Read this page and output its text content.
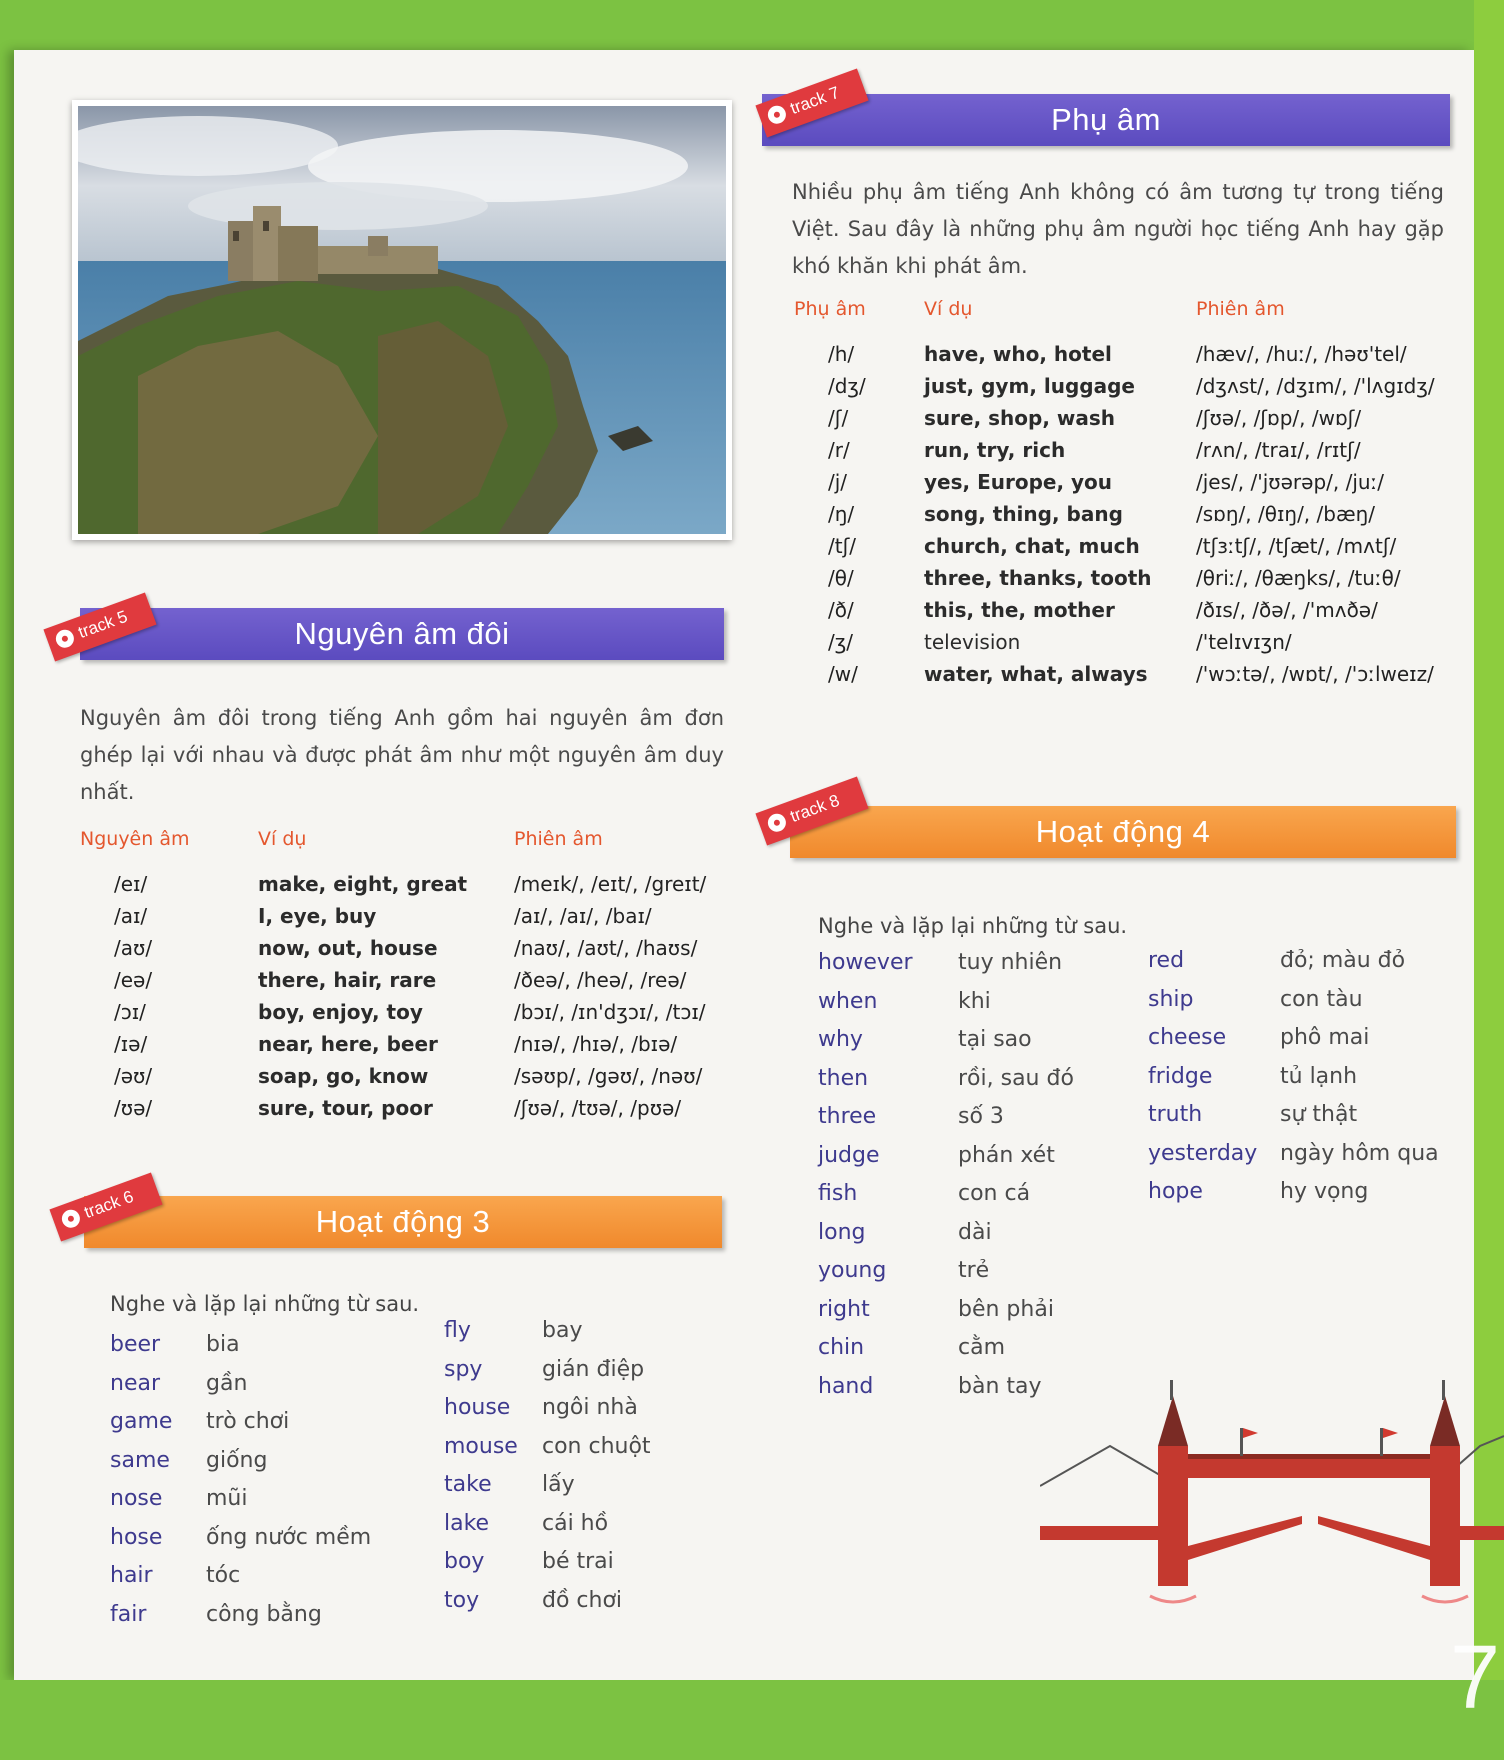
7
Phụ âm
track 7
Nhiều phụ âm tiếng Anh không có âm tương tự trong tiếng Việt. Sau đây là những phụ âm người học tiếng Anh hay gặp khó khăn khi phát âm.
Phụ âm	Ví dụ	Phiên âm
/h/	have, who, hotel	/hæv/, /huː/, /həʊ'tel/
/dʒ/	just, gym, luggage	/dʒʌst/, /dʒɪm/, /'lʌgɪdʒ/
/ʃ/	sure, shop, wash	/ʃʊə/, /ʃɒp/, /wɒʃ/
/r/	run, try, rich	/rʌn/, /traɪ/, /rɪtʃ/
/j/	yes, Europe, you	/jes/, /'jʊərəp/, /juː/
/ŋ/	song, thing, bang	/sɒŋ/, /θɪŋ/, /bæŋ/
/tʃ/	church, chat, much	/tʃɜːtʃ/, /tʃæt/, /mʌtʃ/
/θ/	three, thanks, tooth	/θriː/, /θæŋks/, /tuːθ/
/ð/	this, the, mother	/ðɪs/, /ðə/, /'mʌðə/
/ʒ/	television	/'telɪvɪʒn/
/w/	water, what, always	/'wɔːtə/, /wɒt/, /'ɔːlweɪz/
Nguyên âm đôi
track 5
Nguyên âm đôi trong tiếng Anh gồm hai nguyên âm đơn ghép lại với nhau và được phát âm như một nguyên âm duy nhất.
Nguyên âm	Ví dụ	Phiên âm
/eɪ/	make, eight, great	/meɪk/, /eɪt/, /greɪt/
/aɪ/	I, eye, buy	/aɪ/, /aɪ/, /baɪ/
/aʊ/	now, out, house	/naʊ/, /aʊt/, /haʊs/
/eə/	there, hair, rare	/ðeə/, /heə/, /reə/
/ɔɪ/	boy, enjoy, toy	/bɔɪ/, /ɪn'dʒɔɪ/, /tɔɪ/
/ɪə/	near, here, beer	/nɪə/, /hɪə/, /bɪə/
/əʊ/	soap, go, know	/səʊp/, /gəʊ/, /nəʊ/
/ʊə/	sure, tour, poor	/ʃʊə/, /tʊə/, /pʊə/
Hoạt động 3
track 6
Nghe và lặp lại những từ sau.
beer bia
near gần
game trò chơi
same giống
nose mũi
hose ống nước mềm
hair tóc
fair	công bằng
fly	bay
spy	gián điệp
house ngôi nhà
mouse con chuột
take lấy
lake cái hồ
boy	bé trai
toy	đồ chơi
Hoạt động 4
track 8
Nghe và lặp lại những từ sau.
however tuy nhiên
when	khi
why	tại sao
then	rồi, sau đó
three	số 3
judge	phán xét
fish	con cá
long	dài
young	trẻ
right	bên phải
chin	cằm
hand	bàn tay
red	đỏ; màu đỏ
ship	con tàu
cheese phô mai
fridge	tủ lạnh
truth	sự thật
yesterday ngày hôm qua
hope	hy vọng
